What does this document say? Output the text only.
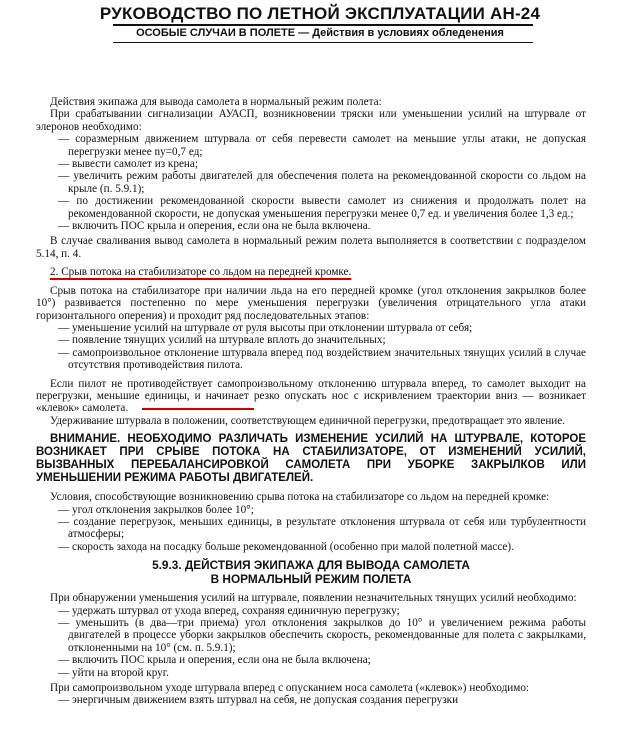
РУКОВОДСТВО ПО ЛЕТНОЙ ЭКСПЛУАТАЦИИ АН-24
ОСОБЫЕ СЛУЧАИ В ПОЛЕТЕ — Действия в условиях обледенения

Действия экипажа для вывода самолета в нормальный режим полета:

При срабатывании сигнализации АУАСП, возникновении тряски или уменьшении усилий на штурвале от элеронов необходимо:

— соразмерным движением штурвала от себя перевести самолет на меньшие углы атаки, не допуская перегрузки менее nу=0,7 ед;

— вывести самолет из крена;

— увеличить режим работы двигателей для обеспечения полета на рекомендованной скорости со льдом на крыле (п. 5.9.1);

— по достижении рекомендованной скорости вывести самолет из снижения и продолжать полет на рекомендованной скорости, не допуская уменьшения перегрузки менее 0,7 ед. и увеличения более 1,3 ед.;

— включить ПОС крыла и оперения, если она не была включена.

В случае сваливания вывод самолета в нормальный режим полета выполняется в соответствии с подразделом 5.14, п. 4.

2. Срыв потока на стабилизаторе со льдом на передней кромке.

Срыв потока на стабилизаторе при наличии льда на его передней кромке (угол отклонения закрылков более 10°) развивается постепенно по мере уменьшения перегрузки (увеличения отрицательного угла атаки горизонтального оперения) и проходит ряд последовательных этапов:

— уменьшение усилий на штурвале от руля высоты при отклонении штурвала от себя;

— появление тянущих усилий на штурвале вплоть до значительных;

— самопроизвольное отклонение штурвала вперед под воздействием значительных тянущих усилий в случае отсутствия противодействия пилота.

Если пилот не противодействует самопроизвольному отклонению штурвала вперед, то самолет выходит на перегрузки, меньшие единицы, и начинает резко опускать нос с искривлением траектории вниз — возникает «клевок» самолета.

Удерживание штурвала в положении, соответствующем единичной перегрузки, предотвращает это явление.

ВНИМАНИЕ. НЕОБХОДИМО РАЗЛИЧАТЬ ИЗМЕНЕНИЕ УСИЛИЙ НА ШТУРВАЛЕ, КОТОРОЕ ВОЗНИКАЕТ ПРИ СРЫВЕ ПОТОКА НА СТАБИЛИЗАТОРЕ, ОТ ИЗМЕНЕНИЙ УСИЛИЙ, ВЫЗВАННЫХ ПЕРЕБАЛАНСИРОВКОЙ САМОЛЕТА ПРИ УБОРКЕ ЗАКРЫЛКОВ ИЛИ УМЕНЬШЕНИИ РЕЖИМА РАБОТЫ ДВИГАТЕЛЕЙ.

Условия, способствующие возникновению срыва потока на стабилизаторе со льдом на передней кромке:

— угол отклонения закрылков более 10°;

— создание перегрузок, меньших единицы, в результате отклонения штурвала от себя или турбулентности атмосферы;

— скорость захода на посадку больше рекомендованной (особенно при малой полетной массе).

5.9.3. ДЕЙСТВИЯ ЭКИПАЖА ДЛЯ ВЫВОДА САМОЛЕТА
В НОРМАЛЬНЫЙ РЕЖИМ ПОЛЕТА

При обнаружении уменьшения усилий на штурвале, появлении незначительных тянущих усилий необходимо:

— удержать штурвал от ухода вперед, сохраняя единичную перегрузку;

— уменьшить (в два—три приема) угол отклонения закрылков до 10° и увеличением режима работы двигателей в процессе уборки закрылков обеспечить скорость, рекомендованные для полета с закрылками, отклоненными на 10° (см. п. 5.9.1);

— включить ПОС крыла и оперения, если она не была включена;

— уйти на второй круг.

При самопроизвольном уходе штурвала вперед с опусканием носа самолета («клевок») необходимо:

— энергичным движением взять штурвал на себя, не допуская создания перегрузки
